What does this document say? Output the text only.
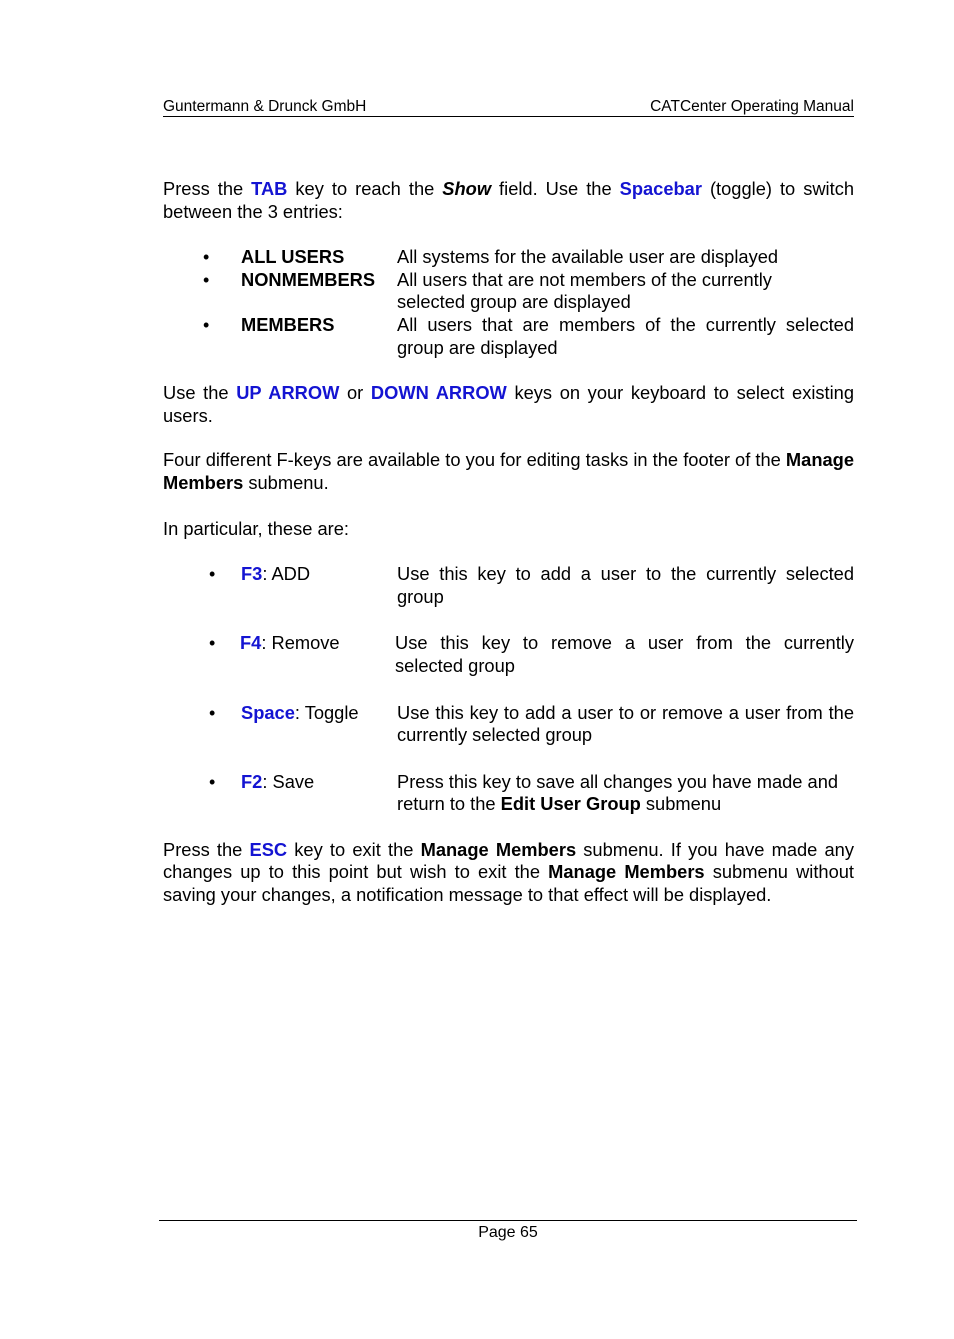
Guntermann & Drunck GmbH	CATCenter Operating Manual

Press the TAB key to reach the Show field. Use the Spacebar (toggle) to switch between the 3 entries:

• ALL USERS	All systems for the available user are displayed
• NONMEMBERS All users that are not members of the currently selected group are displayed
• MEMBERS	All users that are members of the currently selected group are displayed

Use the UP ARROW or DOWN ARROW keys on your keyboard to select existing users.

Four different F-keys are available to you for editing tasks in the footer of the Manage Members submenu.

In particular, these are:

• F3: ADD	Use this key to add a user to the currently selected group
• F4: Remove	Use this key to remove a user from the currently selected group
• Space: Toggle Use this key to add a user to or remove a user from the currently selected group
• F2: Save	Press this key to save all changes you have made and return to the Edit User Group submenu

Press the ESC key to exit the Manage Members submenu. If you have made any changes up to this point but wish to exit the Manage Members submenu without saving your changes, a notification message to that effect will be displayed.

Page 65
